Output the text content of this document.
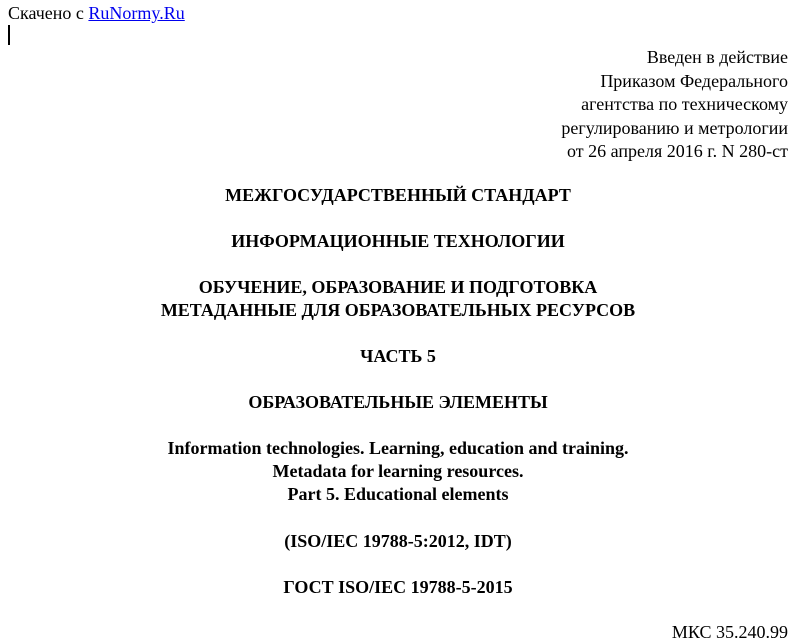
Скачено с RuNormy.Ru
Введен в действие
Приказом Федерального
агентства по техническому
регулированию и метрологии
от 26 апреля 2016 г. N 280-ст
МЕЖГОСУДАРСТВЕННЫЙ СТАНДАРТ
ИНФОРМАЦИОННЫЕ ТЕХНОЛОГИИ
ОБУЧЕНИЕ, ОБРАЗОВАНИЕ И ПОДГОТОВКА
МЕТАДАННЫЕ ДЛЯ ОБРАЗОВАТЕЛЬНЫХ РЕСУРСОВ
ЧАСТЬ 5
ОБРАЗОВАТЕЛЬНЫЕ ЭЛЕМЕНТЫ
Information technologies. Learning, education and training.
Metadata for learning resources.
Part 5. Educational elements
(ISO/IEC 19788-5:2012, IDT)
ГОСТ ISO/IEC 19788-5-2015
МКС 35.240.99
